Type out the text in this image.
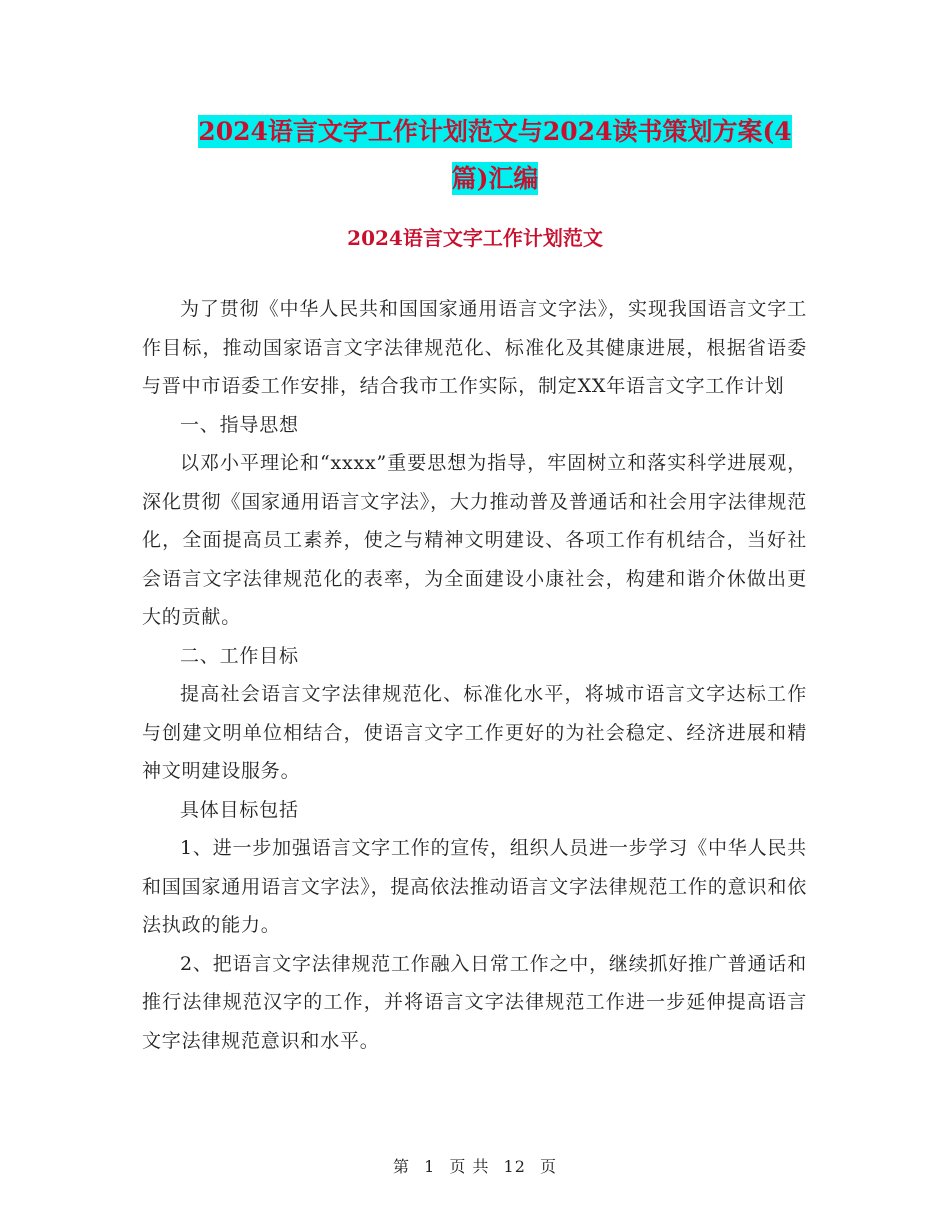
2024语言文字工作计划范文与2024读书策划方案(4
篇)汇编
2024语言文字工作计划范文

为了贯彻《中华人民共和国国家通用语言文字法》，实现我国语言文字工作目标，推动国家语言文字法律规范化、标准化及其健康进展，根据省语委与晋中市语委工作安排，结合我市工作实际，制定XX年语言文字工作计划

一、指导思想

以邓小平理论和“xxxx”重要思想为指导，牢固树立和落实科学进展观，深化贯彻《国家通用语言文字法》，大力推动普及普通话和社会用字法律规范化，全面提高员工素养，使之与精神文明建设、各项工作有机结合，当好社会语言文字法律规范化的表率，为全面建设小康社会，构建和谐介休做出更大的贡献。

二、工作目标

提高社会语言文字法律规范化、标准化水平，将城市语言文字达标工作与创建文明单位相结合，使语言文字工作更好的为社会稳定、经济进展和精神文明建设服务。

具体目标包括

1、进一步加强语言文字工作的宣传，组织人员进一步学习《中华人民共和国国家通用语言文字法》，提高依法推动语言文字法律规范工作的意识和依法执政的能力。

2、把语言文字法律规范工作融入日常工作之中，继续抓好推广普通话和推行法律规范汉字的工作，并将语言文字法律规范工作进一步延伸提高语言文字法律规范意识和水平。

第 1 页 共 12 页
